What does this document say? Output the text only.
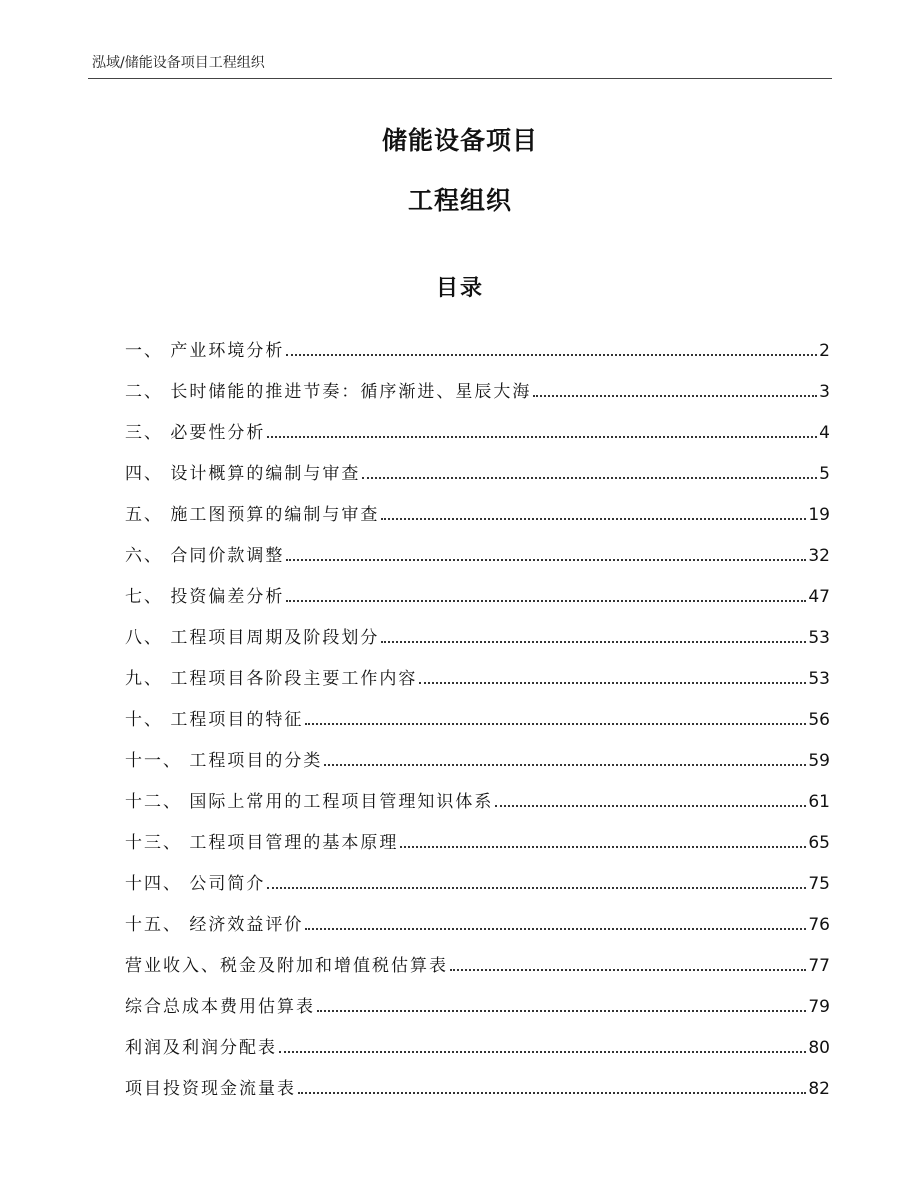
泓域/储能设备项目工程组织
储能设备项目
工程组织
目录
一、 产业环境分析	2
二、 长时储能的推进节奏：循序渐进、星辰大海	3
三、 必要性分析	4
四、 设计概算的编制与审查	5
五、 施工图预算的编制与审查	19
六、 合同价款调整	32
七、 投资偏差分析	47
八、 工程项目周期及阶段划分	53
九、 工程项目各阶段主要工作内容	53
十、 工程项目的特征	56
十一、 工程项目的分类	59
十二、 国际上常用的工程项目管理知识体系	61
十三、 工程项目管理的基本原理	65
十四、 公司简介	75
十五、 经济效益评价	76
营业收入、税金及附加和增值税估算表	77
综合总成本费用估算表	79
利润及利润分配表	80
项目投资现金流量表	82
